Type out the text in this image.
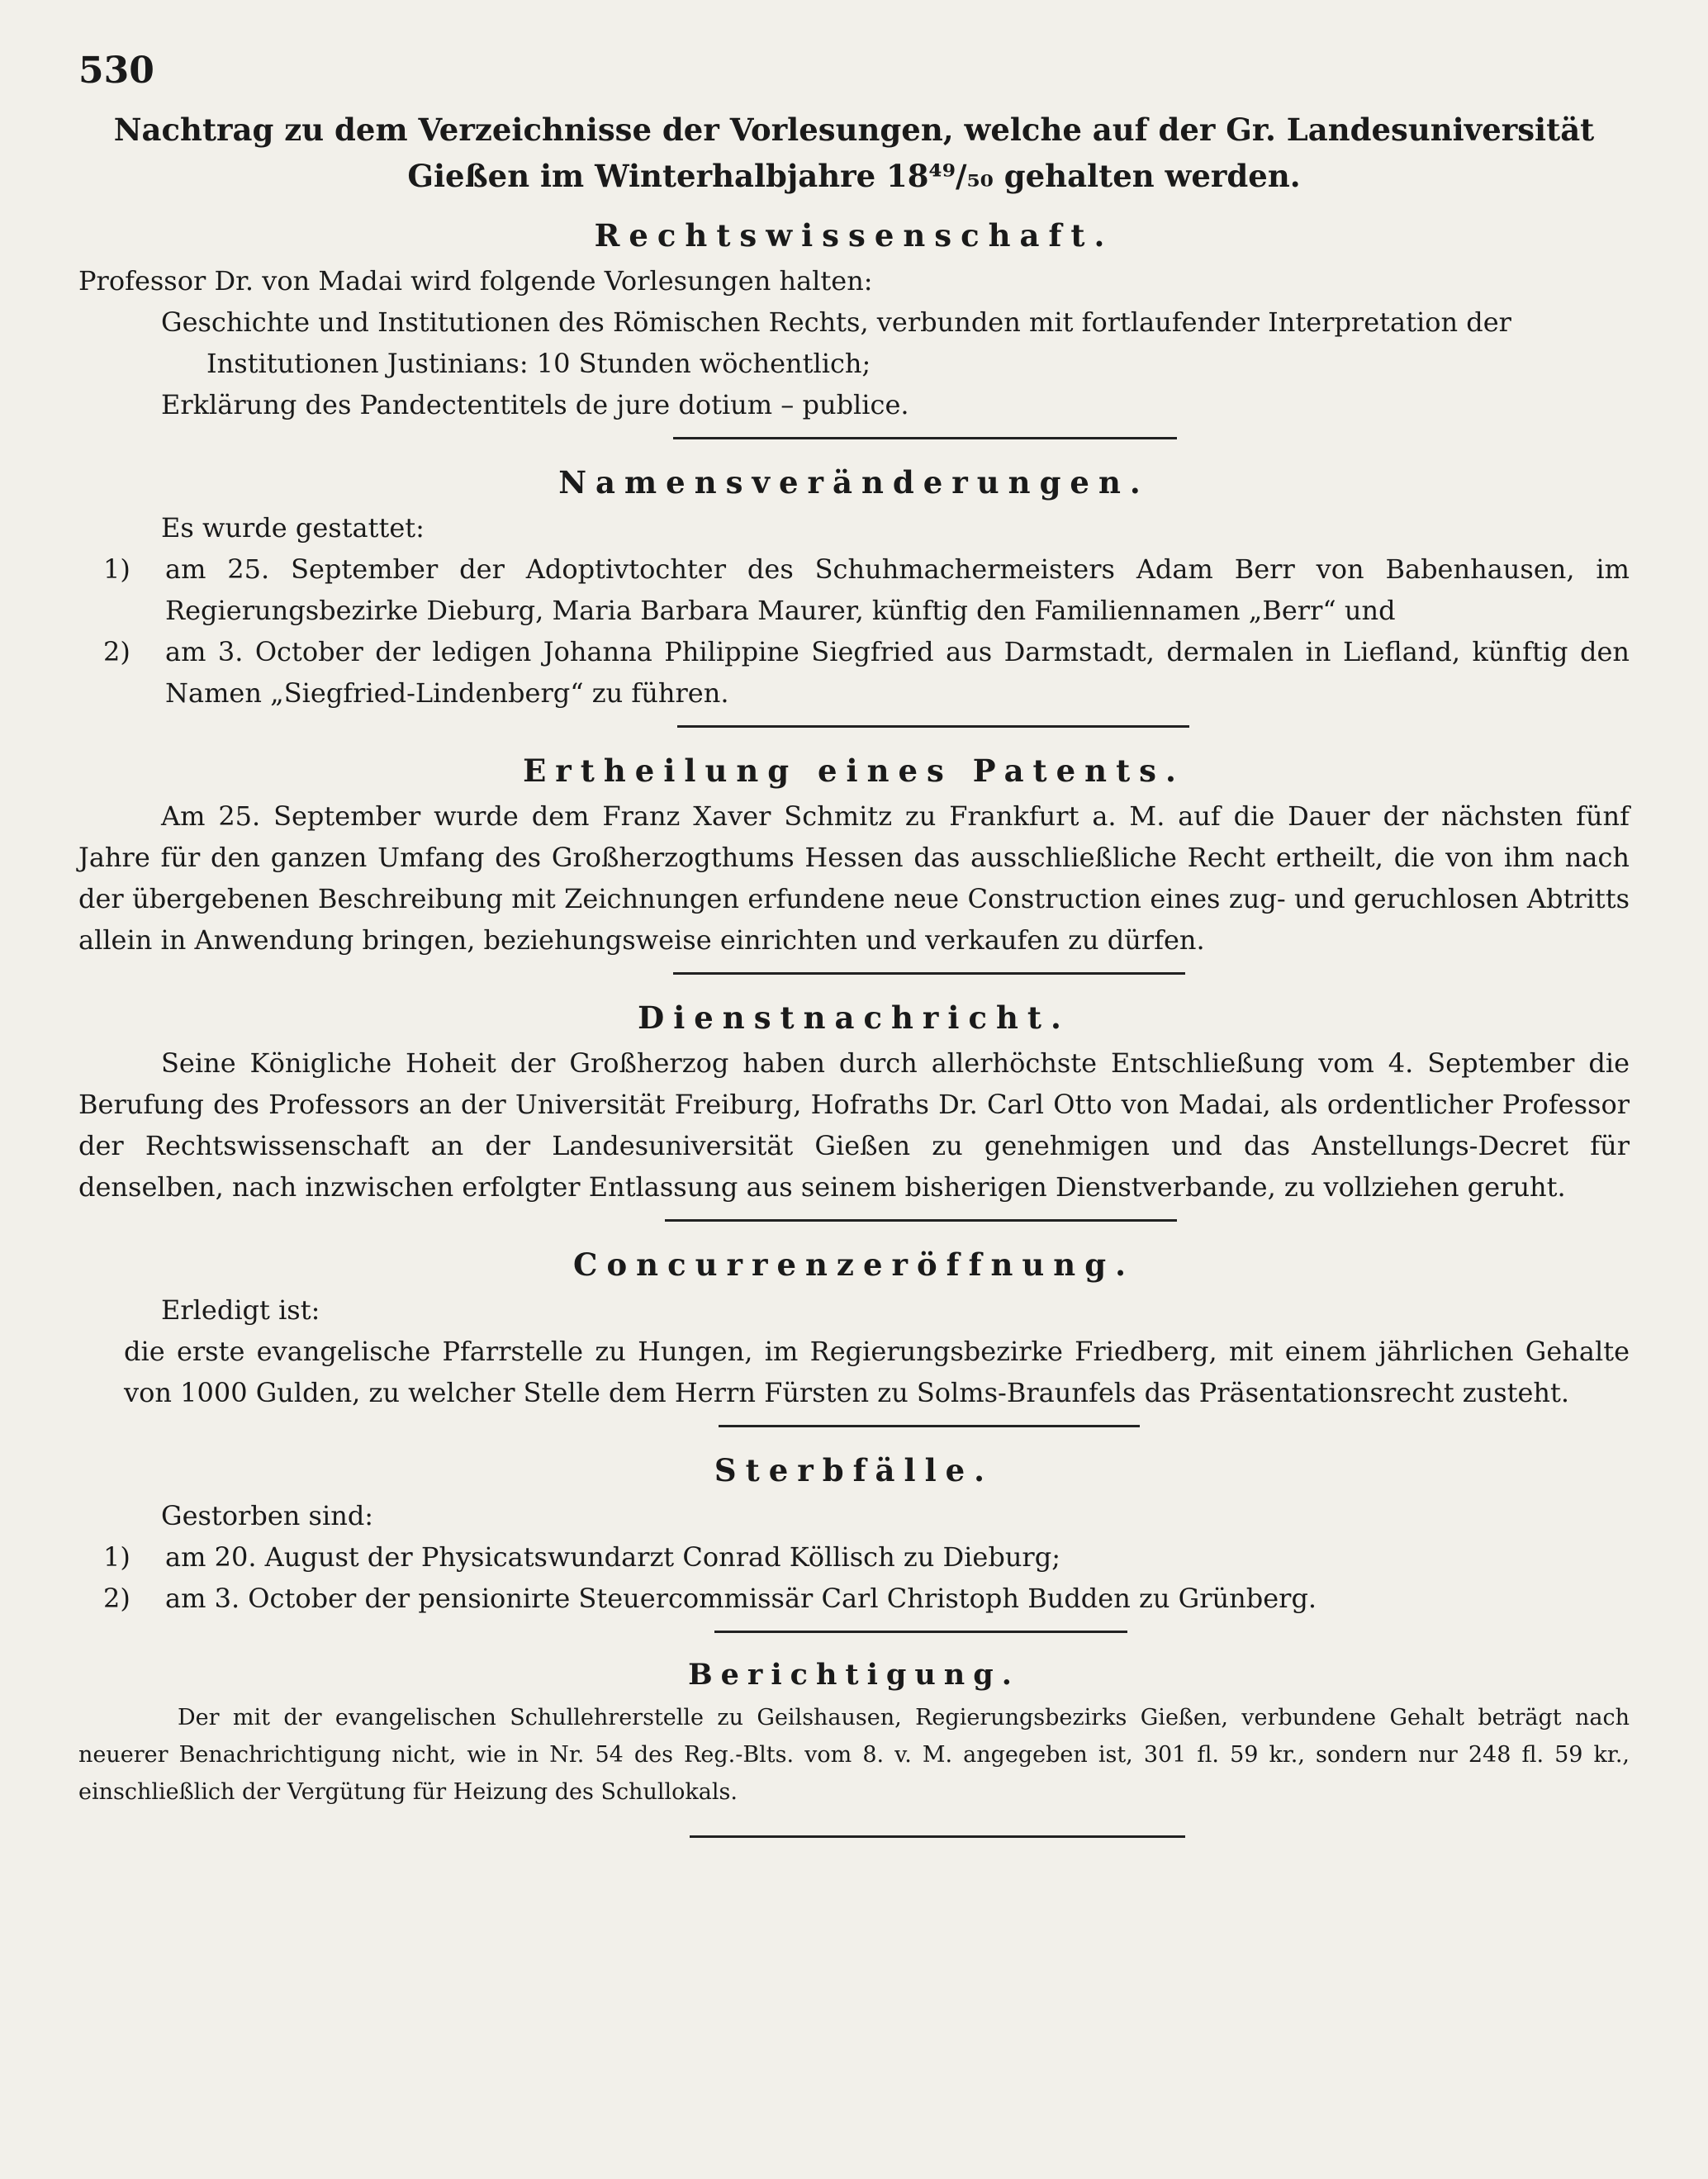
530
Nachtrag zu dem Verzeichnisse der Vorlesungen, welche auf der Gr. Landesuniversität Gießen im Winterhalbjahre 18⁴⁹/₅₀ gehalten werden.
Rechtswissenschaft.

Professor Dr. von Madai wird folgende Vorlesungen halten:

Geschichte und Institutionen des Römischen Rechts, verbunden mit fortlaufender Interpretation der

Institutionen Justinians: 10 Stunden wöchentlich;

Erklärung des Pandectentitels de jure dotium – publice.

Namensveränderungen.

Es wurde gestattet:

1) am 25. September der Adoptivtochter des Schuhmachermeisters Adam Berr von Babenhausen, im Regierungsbezirke Dieburg, Maria Barbara Maurer, künftig den Familiennamen „Berr“ und
2) am 3. October der ledigen Johanna Philippine Siegfried aus Darmstadt, dermalen in Liefland, künftig den Namen „Siegfried-Lindenberg“ zu führen.
Ertheilung eines Patents.

Am 25. September wurde dem Franz Xaver Schmitz zu Frankfurt a. M. auf die Dauer der nächsten fünf Jahre für den ganzen Umfang des Großherzogthums Hessen das ausschließliche Recht ertheilt, die von ihm nach der übergebenen Beschreibung mit Zeichnungen erfundene neue Construction eines zug- und geruchlosen Abtritts allein in Anwendung bringen, beziehungsweise einrichten und verkaufen zu dürfen.

Dienstnachricht.

Seine Königliche Hoheit der Großherzog haben durch allerhöchste Entschließung vom 4. September die Berufung des Professors an der Universität Freiburg, Hofraths Dr. Carl Otto von Madai, als ordentlicher Professor der Rechtswissenschaft an der Landesuniversität Gießen zu genehmigen und das Anstellungs-Decret für denselben, nach inzwischen erfolgter Entlassung aus seinem bisherigen Dienstverbande, zu vollziehen geruht.

Concurrenzeröffnung.

Erledigt ist:

die erste evangelische Pfarrstelle zu Hungen, im Regierungsbezirke Friedberg, mit einem jährlichen Gehalte von 1000 Gulden, zu welcher Stelle dem Herrn Fürsten zu Solms-Braunfels das Präsentationsrecht zusteht.

Sterbfälle.

Gestorben sind:

1) am 20. August der Physicatswundarzt Conrad Köllisch zu Dieburg;
2) am 3. October der pensionirte Steuercommissär Carl Christoph Budden zu Grünberg.
Berichtigung.

Der mit der evangelischen Schullehrerstelle zu Geilshausen, Regierungsbezirks Gießen, verbundene Gehalt beträgt nach neuerer Benachrichtigung nicht, wie in Nr. 54 des Reg.-Blts. vom 8. v. M. angegeben ist, 301 fl. 59 kr., sondern nur 248 fl. 59 kr., einschließlich der Vergütung für Heizung des Schullokals.
